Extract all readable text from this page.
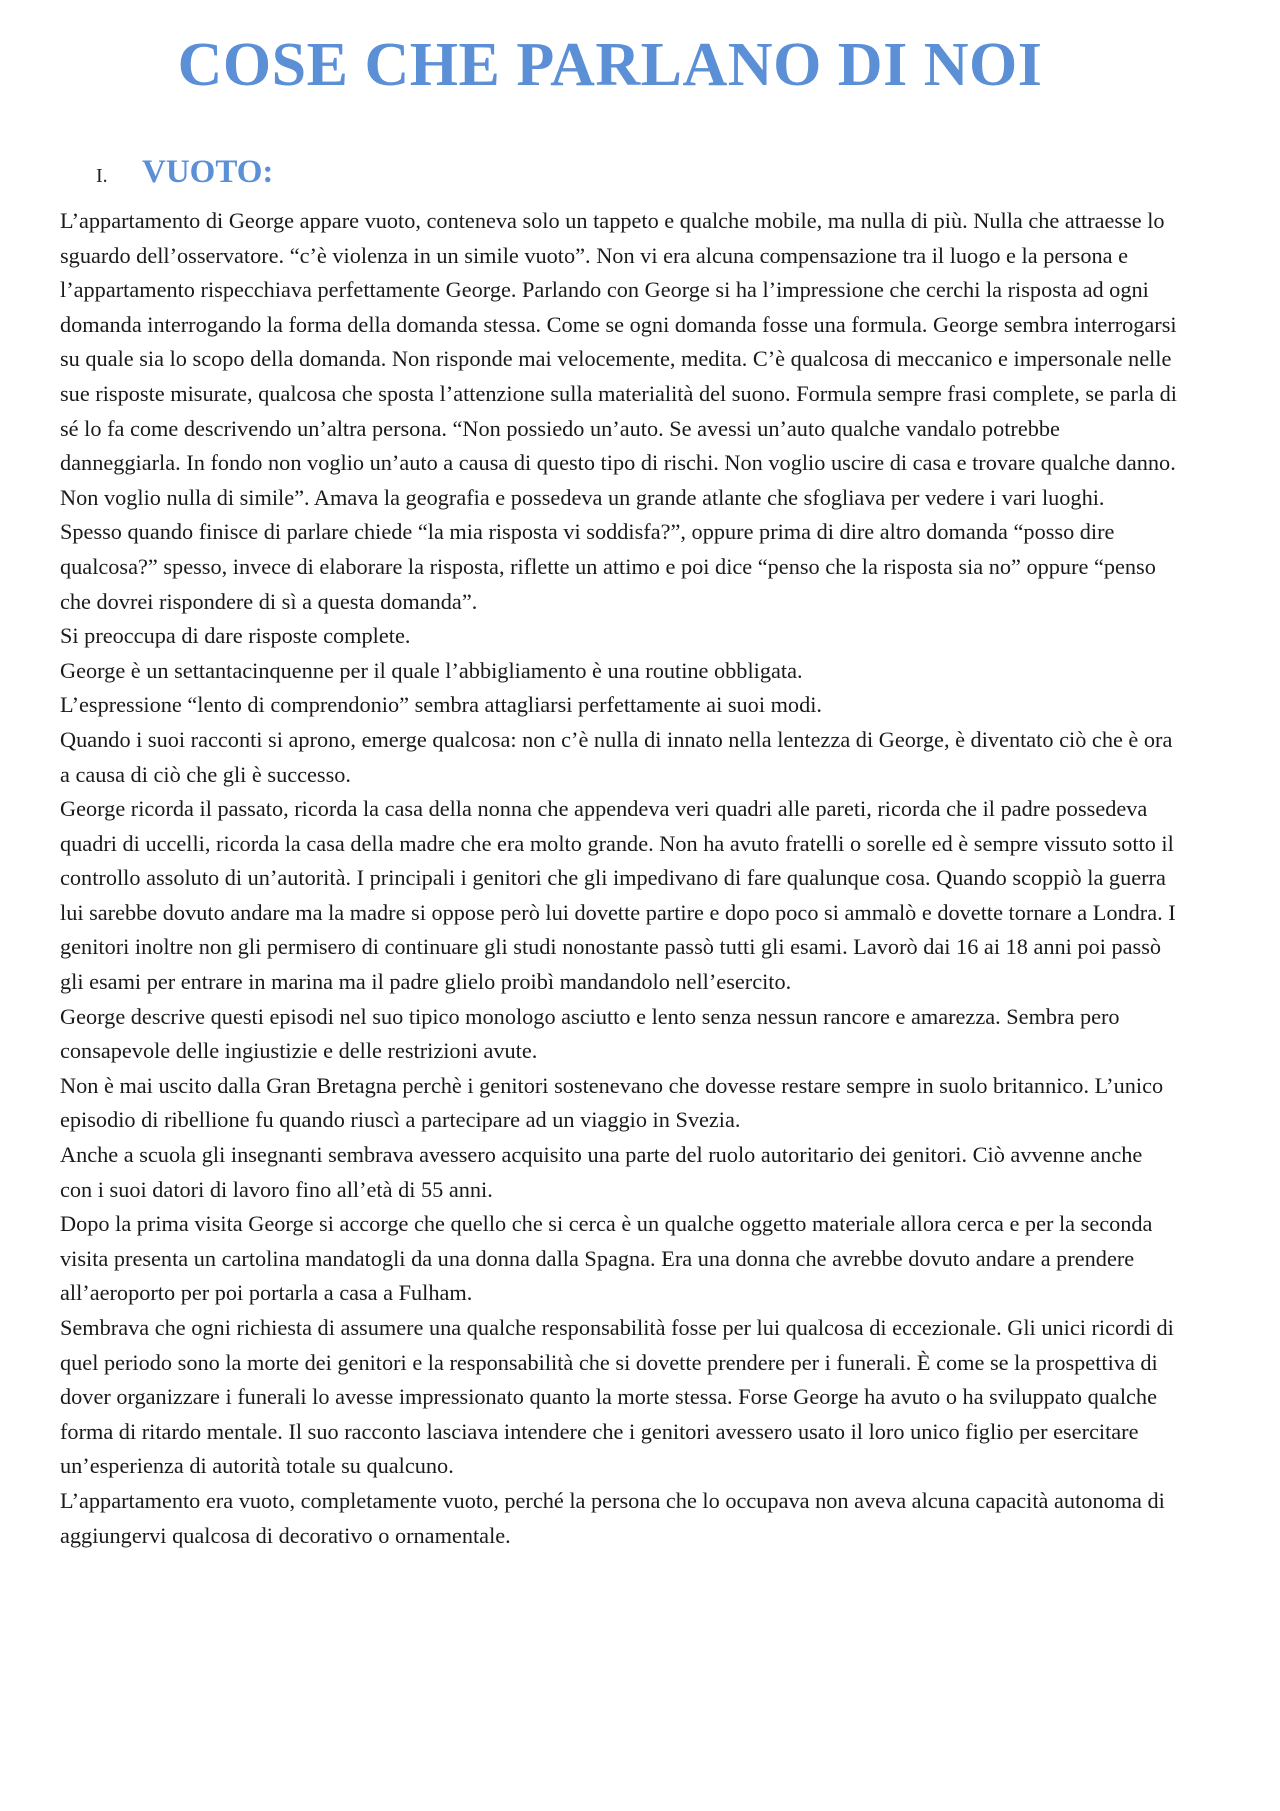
COSE CHE PARLANO DI NOI
I. VUOTO:

L’appartamento di George appare vuoto, conteneva solo un tappeto e qualche mobile, ma nulla di più. Nulla che attraesse lo sguardo dell’osservatore. “c’è violenza in un simile vuoto”. Non vi era alcuna compensazione tra il luogo e la persona e l’appartamento rispecchiava perfettamente George. Parlando con George si ha l’impressione che cerchi la risposta ad ogni domanda interrogando la forma della domanda stessa. Come se ogni domanda fosse una formula. George sembra interrogarsi su quale sia lo scopo della domanda. Non risponde mai velocemente, medita. C’è qualcosa di meccanico e impersonale nelle sue risposte misurate, qualcosa che sposta l’attenzione sulla materialità del suono. Formula sempre frasi complete, se parla di sé lo fa come descrivendo un’altra persona. “Non possiedo un’auto. Se avessi un’auto qualche vandalo potrebbe danneggiarla. In fondo non voglio un’auto a causa di questo tipo di rischi. Non voglio uscire di casa e trovare qualche danno. Non voglio nulla di simile”. Amava la geografia e possedeva un grande atlante che sfogliava per vedere i vari luoghi.

Spesso quando finisce di parlare chiede “la mia risposta vi soddisfa?”, oppure prima di dire altro domanda “posso dire qualcosa?” spesso, invece di elaborare la risposta, riflette un attimo e poi dice “penso che la risposta sia no” oppure “penso che dovrei rispondere di sì a questa domanda”.

Si preoccupa di dare risposte complete.

George è un settantacinquenne per il quale l’abbigliamento è una routine obbligata.

L’espressione “lento di comprendonio” sembra attagliarsi perfettamente ai suoi modi.

Quando i suoi racconti si aprono, emerge qualcosa: non c’è nulla di innato nella lentezza di George, è diventato ciò che è ora a causa di ciò che gli è successo.

George ricorda il passato, ricorda la casa della nonna che appendeva veri quadri alle pareti, ricorda che il padre possedeva quadri di uccelli, ricorda la casa della madre che era molto grande. Non ha avuto fratelli o sorelle ed è sempre vissuto sotto il controllo assoluto di un’autorità. I principali i genitori che gli impedivano di fare qualunque cosa. Quando scoppiò la guerra lui sarebbe dovuto andare ma la madre si oppose però lui dovette partire e dopo poco si ammalò e dovette tornare a Londra. I genitori inoltre non gli permisero di continuare gli studi nonostante passò tutti gli esami. Lavorò dai 16 ai 18 anni poi passò gli esami per entrare in marina ma il padre glielo proibì mandandolo nell’esercito.

George descrive questi episodi nel suo tipico monologo asciutto e lento senza nessun rancore e amarezza. Sembra pero consapevole delle ingiustizie e delle restrizioni avute.

Non è mai uscito dalla Gran Bretagna perchè i genitori sostenevano che dovesse restare sempre in suolo britannico. L’unico episodio di ribellione fu quando riuscì a partecipare ad un viaggio in Svezia.

Anche a scuola gli insegnanti sembrava avessero acquisito una parte del ruolo autoritario dei genitori. Ciò avvenne anche con i suoi datori di lavoro fino all’età di 55 anni.

Dopo la prima visita George si accorge che quello che si cerca è un qualche oggetto materiale allora cerca e per la seconda visita presenta un cartolina mandatogli da una donna dalla Spagna. Era una donna che avrebbe dovuto andare a prendere all’aeroporto per poi portarla a casa a Fulham.

Sembrava che ogni richiesta di assumere una qualche responsabilità fosse per lui qualcosa di eccezionale. Gli unici ricordi di quel periodo sono la morte dei genitori e la responsabilità che si dovette prendere per i funerali. È come se la prospettiva di dover organizzare i funerali lo avesse impressionato quanto la morte stessa. Forse George ha avuto o ha sviluppato qualche forma di ritardo mentale. Il suo racconto lasciava intendere che i genitori avessero usato il loro unico figlio per esercitare un’esperienza di autorità totale su qualcuno.

L’appartamento era vuoto, completamente vuoto, perché la persona che lo occupava non aveva alcuna capacità autonoma di aggiungervi qualcosa di decorativo o ornamentale.
